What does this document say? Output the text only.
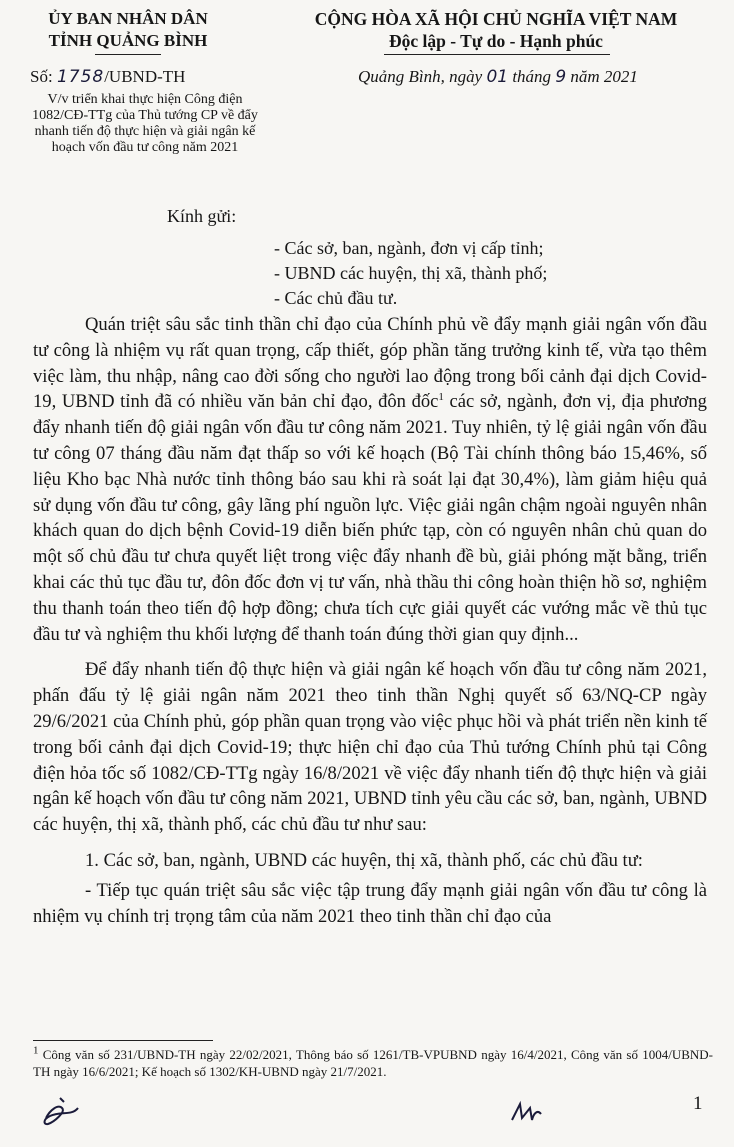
ỦY BAN NHÂN DÂN
TỈNH QUẢNG BÌNH
CỘNG HÒA XÃ HỘI CHỦ NGHĨA VIỆT NAM
Độc lập - Tự do - Hạnh phúc
Số: 1758/UBND-TH	Quảng Bình, ngày 01 tháng 9 năm 2021
V/v triển khai thực hiện Công điện 1082/CĐ-TTg của Thủ tướng CP về đẩy nhanh tiến độ thực hiện và giải ngân kế hoạch vốn đầu tư công năm 2021
Kính gửi:
- Các sở, ban, ngành, đơn vị cấp tỉnh;
- UBND các huyện, thị xã, thành phố;
- Các chủ đầu tư.

Quán triệt sâu sắc tinh thần chỉ đạo của Chính phủ về đẩy mạnh giải ngân vốn đầu tư công là nhiệm vụ rất quan trọng, cấp thiết, góp phần tăng trưởng kinh tế, vừa tạo thêm việc làm, thu nhập, nâng cao đời sống cho người lao động trong bối cảnh đại dịch Covid-19, UBND tỉnh đã có nhiều văn bản chỉ đạo, đôn đốc$^1$ các sở, ngành, đơn vị, địa phương đẩy nhanh tiến độ giải ngân vốn đầu tư công năm 2021. Tuy nhiên, tỷ lệ giải ngân vốn đầu tư công 07 tháng đầu năm đạt thấp so với kế hoạch (Bộ Tài chính thông báo 15,46%, số liệu Kho bạc Nhà nước tỉnh thông báo sau khi rà soát lại đạt 30,4%), làm giảm hiệu quả sử dụng vốn đầu tư công, gây lãng phí nguồn lực. Việc giải ngân chậm ngoài nguyên nhân khách quan do dịch bệnh Covid-19 diễn biến phức tạp, còn có nguyên nhân chủ quan do một số chủ đầu tư chưa quyết liệt trong việc đẩy nhanh đề bù, giải phóng mặt bằng, triển khai các thủ tục đầu tư, đôn đốc đơn vị tư vấn, nhà thầu thi công hoàn thiện hồ sơ, nghiệm thu thanh toán theo tiến độ hợp đồng; chưa tích cực giải quyết các vướng mắc về thủ tục đầu tư và nghiệm thu khối lượng để thanh toán đúng thời gian quy định...

Để đẩy nhanh tiến độ thực hiện và giải ngân kế hoạch vốn đầu tư công năm 2021, phấn đấu tỷ lệ giải ngân năm 2021 theo tinh thần Nghị quyết số 63/NQ-CP ngày 29/6/2021 của Chính phủ, góp phần quan trọng vào việc phục hồi và phát triển nền kinh tế trong bối cảnh đại dịch Covid-19; thực hiện chỉ đạo của Thủ tướng Chính phủ tại Công điện hỏa tốc số 1082/CĐ-TTg ngày 16/8/2021 về việc đẩy nhanh tiến độ thực hiện và giải ngân kế hoạch vốn đầu tư công năm 2021, UBND tỉnh yêu cầu các sở, ban, ngành, UBND các huyện, thị xã, thành phố, các chủ đầu tư như sau:

1. Các sở, ban, ngành, UBND các huyện, thị xã, thành phố, các chủ đầu tư:

- Tiếp tục quán triệt sâu sắc việc tập trung đẩy mạnh giải ngân vốn đầu tư công là nhiệm vụ chính trị trọng tâm của năm 2021 theo tinh thần chỉ đạo của

$^1$ Công văn số 231/UBND-TH ngày 22/02/2021, Thông báo số 1261/TB-VPUBND ngày 16/4/2021, Công văn số 1004/UBND-TH ngày 16/6/2021; Kế hoạch số 1302/KH-UBND ngày 21/7/2021.
1
